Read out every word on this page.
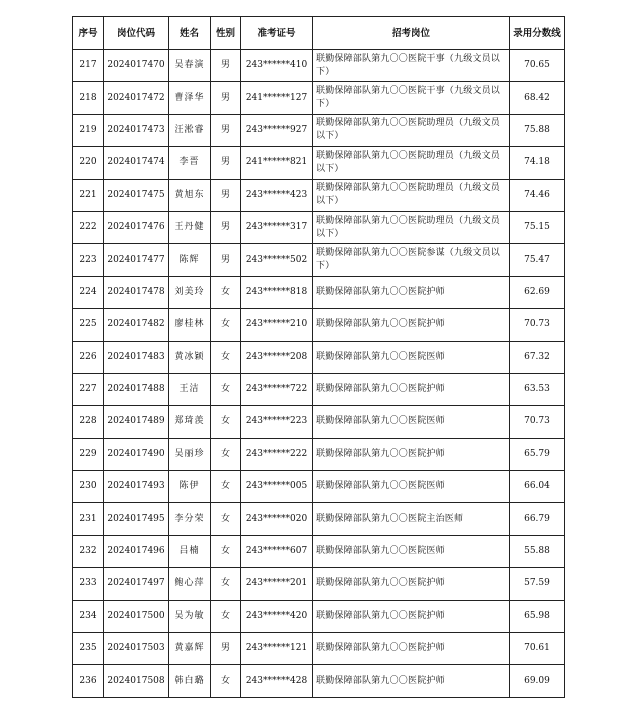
序号	岗位代码	姓名	性别	准考证号	招考岗位	录用分数线
217	2024017470	吴春演	男	243******410	联勤保障部队第九〇〇医院干事（九级文员以下）	70.65
218	2024017472	曹泽华	男	241******127	联勤保障部队第九〇〇医院干事（九级文员以下）	68.42
219	2024017473	汪淞睿	男	243******927	联勤保障部队第九〇〇医院助理员（九级文员以下）	75.88
220	2024017474	李晋	男	241******821	联勤保障部队第九〇〇医院助理员（九级文员以下）	74.18
221	2024017475	黄旭东	男	243******423	联勤保障部队第九〇〇医院助理员（九级文员以下）	74.46
222	2024017476	王丹健	男	243******317	联勤保障部队第九〇〇医院助理员（九级文员以下）	75.15
223	2024017477	陈辉	男	243******502	联勤保障部队第九〇〇医院参谋（九级文员以下）	75.47
224	2024017478	刘美玲	女	243******818	联勤保障部队第九〇〇医院护师	62.69
225	2024017482	廖桂林	女	243******210	联勤保障部队第九〇〇医院护师	70.73
226	2024017483	黄冰颖	女	243******208	联勤保障部队第九〇〇医院医师	67.32
227	2024017488	王洁	女	243******722	联勤保障部队第九〇〇医院护师	63.53
228	2024017489	郑琦羡	女	243******223	联勤保障部队第九〇〇医院医师	70.73
229	2024017490	吴丽珍	女	243******222	联勤保障部队第九〇〇医院护师	65.79
230	2024017493	陈伊	女	243******005	联勤保障部队第九〇〇医院医师	66.04
231	2024017495	李分荣	女	243******020	联勤保障部队第九〇〇医院主治医师	66.79
232	2024017496	吕楠	女	243******607	联勤保障部队第九〇〇医院医师	55.88
233	2024017497	鲍心萍	女	243******201	联勤保障部队第九〇〇医院护师	57.59
234	2024017500	吴为敏	女	243******420	联勤保障部队第九〇〇医院护师	65.98
235	2024017503	黄嘉辉	男	243******121	联勤保障部队第九〇〇医院护师	70.61
236	2024017508	韩白璐	女	243******428	联勤保障部队第九〇〇医院护师	69.09
